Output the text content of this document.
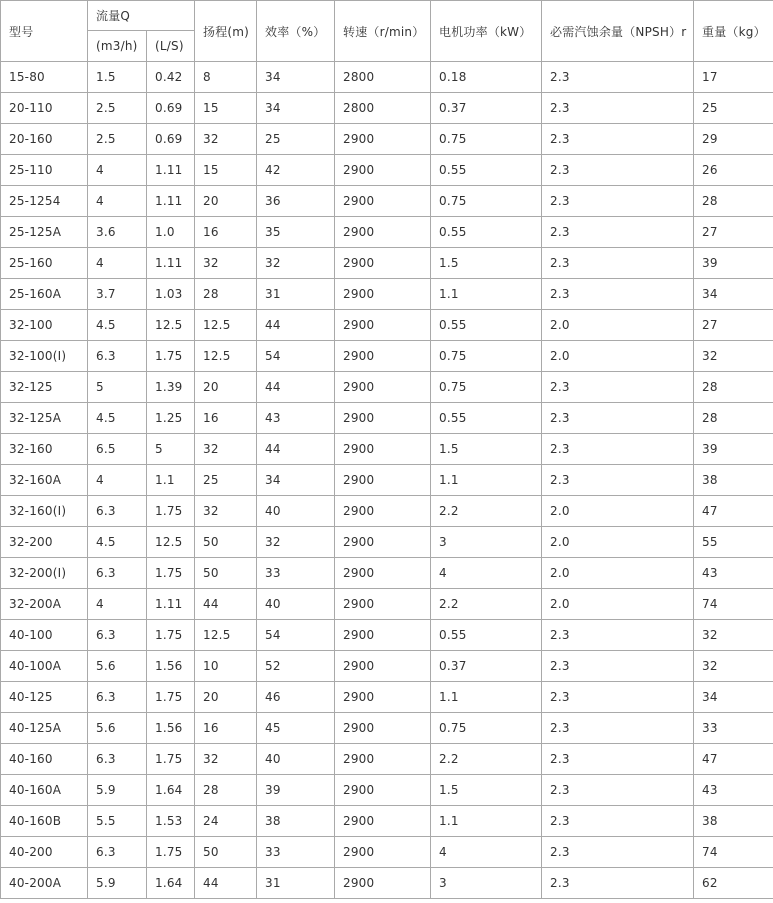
型号	流量Q		扬程(m)	效率（%）	转速（r/min）	电机功率（kW）	必需汽蚀余量（NPSH）r	重量（kg）
	(m3/h)	(L/S)						
15-80	1.5	0.42	8	34	2800	0.18	2.3	17
20-110	2.5	0.69	15	34	2800	0.37	2.3	25
20-160	2.5	0.69	32	25	2900	0.75	2.3	29
25-110	4	1.11	15	42	2900	0.55	2.3	26
25-1254	4	1.11	20	36	2900	0.75	2.3	28
25-125A	3.6	1.0	16	35	2900	0.55	2.3	27
25-160	4	1.11	32	32	2900	1.5	2.3	39
25-160A	3.7	1.03	28	31	2900	1.1	2.3	34
32-100	4.5	12.5	12.5	44	2900	0.55	2.0	27
32-100(I)	6.3	1.75	12.5	54	2900	0.75	2.0	32
32-125	5	1.39	20	44	2900	0.75	2.3	28
32-125A	4.5	1.25	16	43	2900	0.55	2.3	28
32-160	6.5	5	32	44	2900	1.5	2.3	39
32-160A	4	1.1	25	34	2900	1.1	2.3	38
32-160(I)	6.3	1.75	32	40	2900	2.2	2.0	47
32-200	4.5	12.5	50	32	2900	3	2.0	55
32-200(I)	6.3	1.75	50	33	2900	4	2.0	43
32-200A	4	1.11	44	40	2900	2.2	2.0	74
40-100	6.3	1.75	12.5	54	2900	0.55	2.3	32
40-100A	5.6	1.56	10	52	2900	0.37	2.3	32
40-125	6.3	1.75	20	46	2900	1.1	2.3	34
40-125A	5.6	1.56	16	45	2900	0.75	2.3	33
40-160	6.3	1.75	32	40	2900	2.2	2.3	47
40-160A	5.9	1.64	28	39	2900	1.5	2.3	43
40-160B	5.5	1.53	24	38	2900	1.1	2.3	38
40-200	6.3	1.75	50	33	2900	4	2.3	74
40-200A	5.9	1.64	44	31	2900	3	2.3	62
